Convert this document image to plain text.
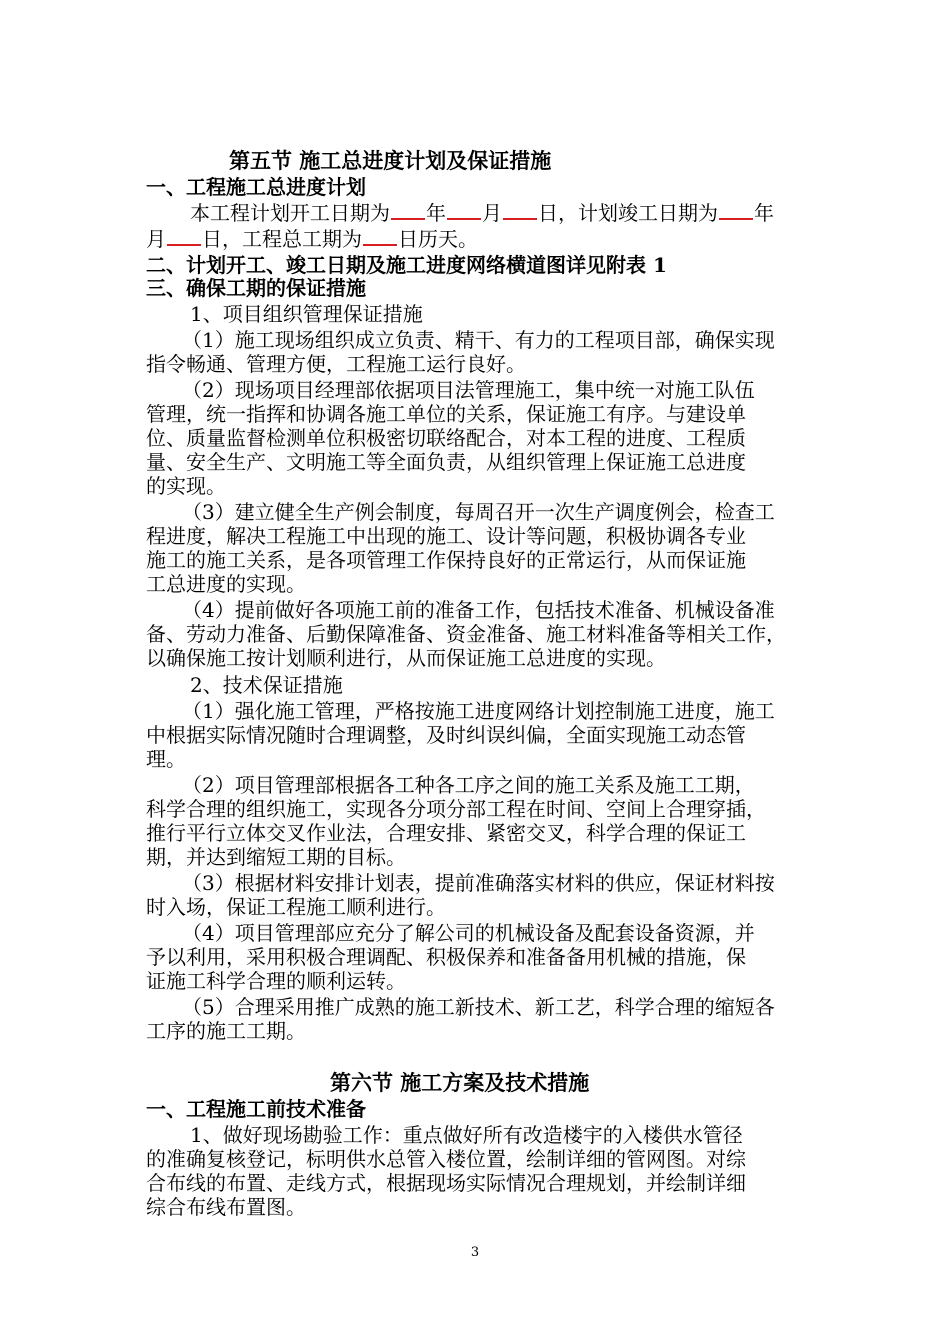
第五节 施工总进度计划及保证措施
一、工程施工总进度计划
本工程计划开工日期为 年 月 日，计划竣工日期为 年
月 日，工程总工期为 日历天。
二、计划开工、竣工日期及施工进度网络横道图详见附表 1
三、确保工期的保证措施
1、项目组织管理保证措施
（1）施工现场组织成立负责、精干、有力的工程项目部，确保实现
指令畅通、管理方便，工程施工运行良好。
（2）现场项目经理部依据项目法管理施工，集中统一对施工队伍
管理，统一指挥和协调各施工单位的关系，保证施工有序。与建设单
位、质量监督检测单位积极密切联络配合，对本工程的进度、工程质
量、安全生产、文明施工等全面负责，从组织管理上保证施工总进度
的实现。
（3）建立健全生产例会制度，每周召开一次生产调度例会，检查工
程进度，解决工程施工中出现的施工、设计等问题，积极协调各专业
施工的施工关系，是各项管理工作保持良好的正常运行，从而保证施
工总进度的实现。
（4）提前做好各项施工前的准备工作，包括技术准备、机械设备准
备、劳动力准备、后勤保障准备、资金准备、施工材料准备等相关工作，
以确保施工按计划顺利进行，从而保证施工总进度的实现。
2、技术保证措施
（1）强化施工管理，严格按施工进度网络计划控制施工进度，施工
中根据实际情况随时合理调整，及时纠误纠偏，全面实现施工动态管
理。
（2）项目管理部根据各工种各工序之间的施工关系及施工工期，
科学合理的组织施工，实现各分项分部工程在时间、空间上合理穿插，
推行平行立体交叉作业法，合理安排、紧密交叉，科学合理的保证工
期，并达到缩短工期的目标。
（3）根据材料安排计划表，提前准确落实材料的供应，保证材料按
时入场，保证工程施工顺利进行。
（4）项目管理部应充分了解公司的机械设备及配套设备资源，并
予以利用，采用积极合理调配、积极保养和准备备用机械的措施，保
证施工科学合理的顺利运转。
（5）合理采用推广成熟的施工新技术、新工艺，科学合理的缩短各
工序的施工工期。
第六节 施工方案及技术措施
一、工程施工前技术准备
1、做好现场勘验工作：重点做好所有改造楼宇的入楼供水管径
的准确复核登记，标明供水总管入楼位置，绘制详细的管网图。对综
合布线的布置、走线方式，根据现场实际情况合理规划，并绘制详细
综合布线布置图。
3
